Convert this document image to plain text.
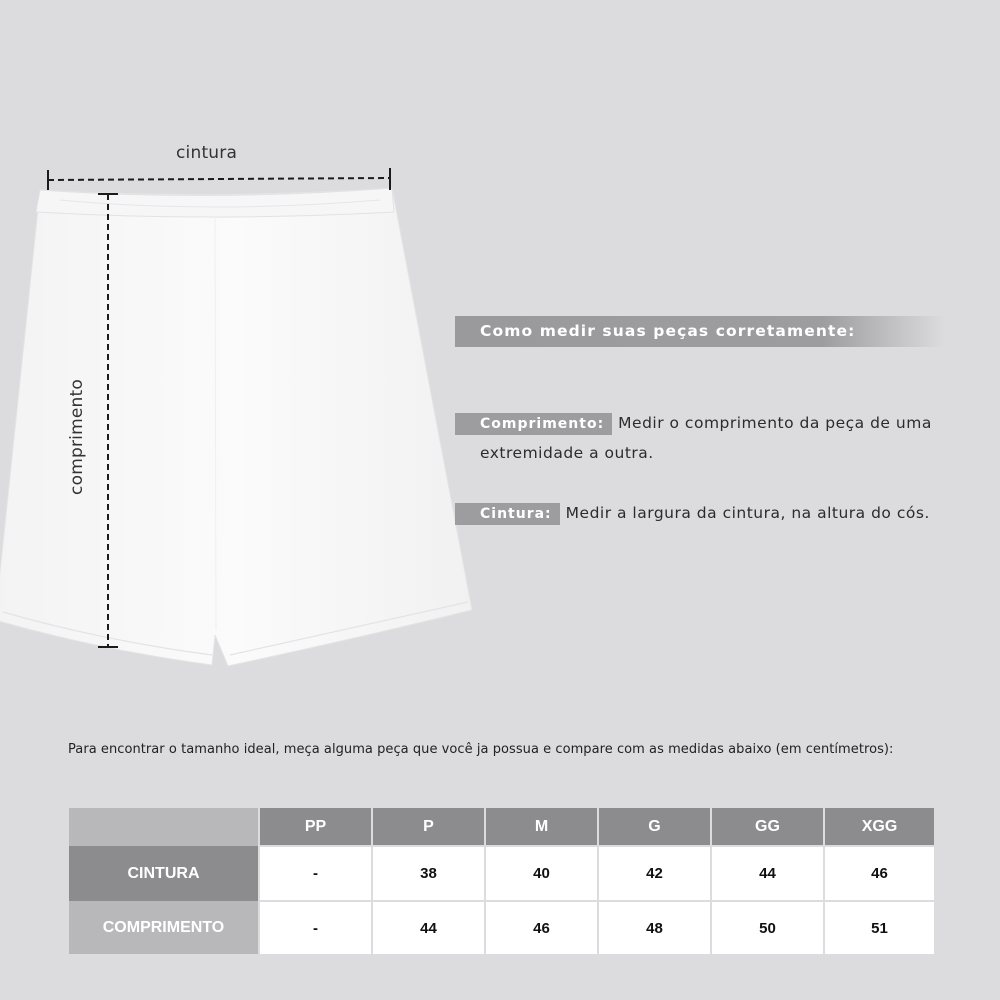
cintura
comprimento
Como medir suas peças corretamente:
Comprimento: Medir o comprimento da peça de uma extremidade a outra.
Cintura: Medir a largura da cintura, na altura do cós.
Para encontrar o tamanho ideal, meça alguma peça que você ja possua e compare com as medidas abaixo (em centímetros):
	PP	P	M	G	GG	XGG
CINTURA	-	38	40	42	44	46
COMPRIMENTO	-	44	46	48	50	51
